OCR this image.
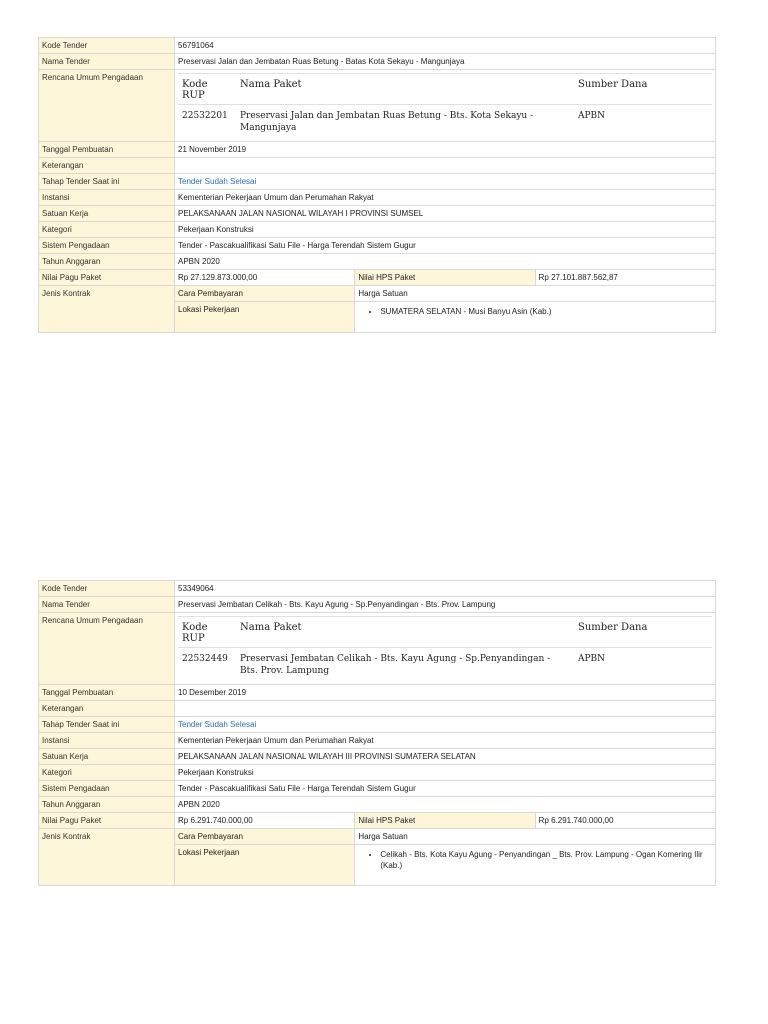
Kode Tender	56791064
Nama Tender	Preservasi Jalan dan Jembatan Ruas Betung - Batas Kota Sekayu - Mangunjaya
Rencana Umum Pengadaan	
Kode RUP	Nama Paket	Sumber Dana
22532201	Preservasi Jalan dan Jembatan Ruas Betung - Bts. Kota Sekayu - Mangunjaya	APBN

Tanggal Pembuatan	21 November 2019
Keterangan	
Tahap Tender Saat ini	Tender Sudah Selesai
Instansi	Kementerian Pekerjaan Umum dan Perumahan Rakyat
Satuan Kerja	PELAKSANAAN JALAN NASIONAL WILAYAH I PROVINSI SUMSEL
Kategori	Pekerjaan Konstruksi
Sistem Pengadaan	Tender - Pascakualifikasi Satu File - Harga Terendah Sistem Gugur
Tahun Anggaran	APBN 2020
Nilai Pagu Paket	Rp 27.129.873.000,00	Nilai HPS Paket	Rp 27.101.887.562,87
Jenis Kontrak	Cara Pembayaran	Harga Satuan
Lokasi Pekerjaan	
•SUMATERA SELATAN - Musi Banyu Asin (Kab.)
Kode Tender	53349064
Nama Tender	Preservasi Jembatan Celikah - Bts. Kayu Agung - Sp.Penyandingan - Bts. Prov. Lampung
Rencana Umum Pengadaan	
Kode RUP	Nama Paket	Sumber Dana
22532449	Preservasi Jembatan Celikah - Bts. Kayu Agung - Sp.Penyandingan - Bts. Prov. Lampung	APBN

Tanggal Pembuatan	10 Desember 2019
Keterangan	
Tahap Tender Saat ini	Tender Sudah Selesai
Instansi	Kementerian Pekerjaan Umum dan Perumahan Rakyat
Satuan Kerja	PELAKSANAAN JALAN NASIONAL WILAYAH III PROVINSI SUMATERA SELATAN
Kategori	Pekerjaan Konstruksi
Sistem Pengadaan	Tender - Pascakualifikasi Satu File - Harga Terendah Sistem Gugur
Tahun Anggaran	APBN 2020
Nilai Pagu Paket	Rp 6.291.740.000,00	Nilai HPS Paket	Rp 6.291.740.000,00
Jenis Kontrak	Cara Pembayaran	Harga Satuan
Lokasi Pekerjaan	
•Celikah - Bts. Kota Kayu Agung - Penyandingan _ Bts. Prov. Lampung - Ogan Komering Ilir (Kab.)
